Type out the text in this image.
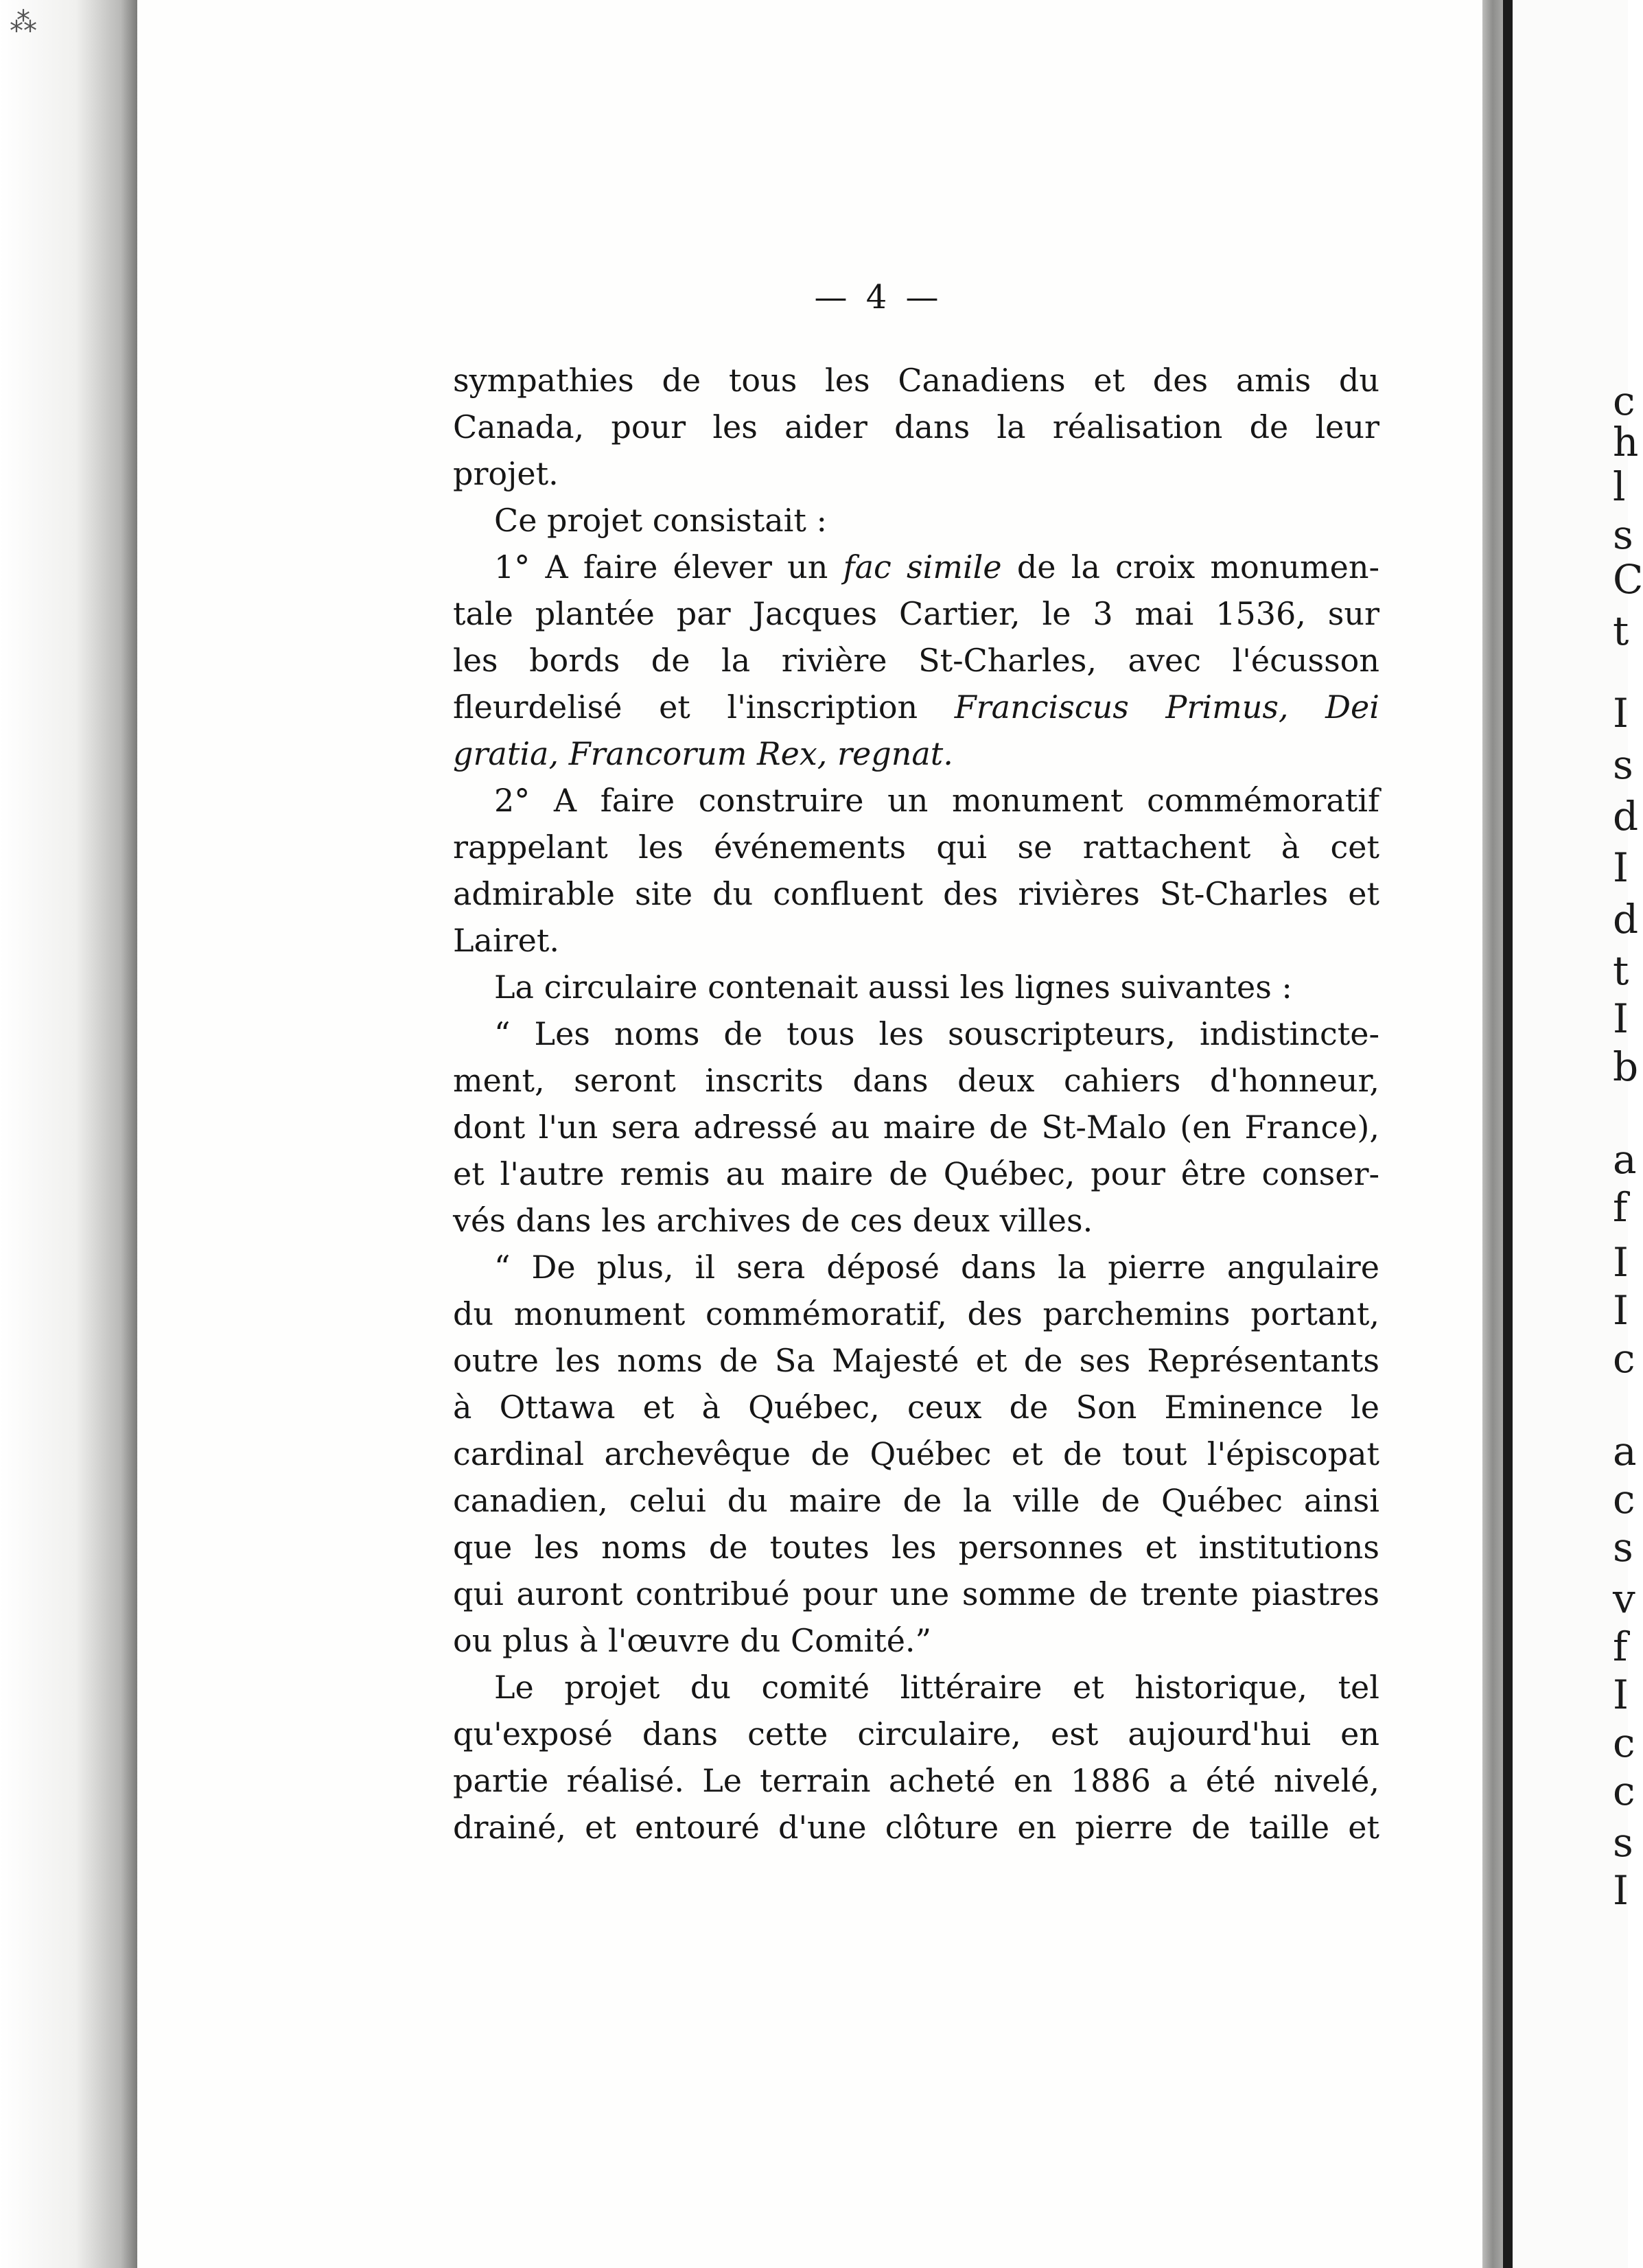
⁂
— 4 —
sympathies de tous les Canadiens et des amis du
Canada, pour les aider dans la réalisation de leur
projet.
Ce projet consistait :
1° A faire élever un fac simile de la croix monumen-
tale plantée par Jacques Cartier, le 3 mai 1536, sur
les bords de la rivière St-Charles, avec l'écusson
fleurdelisé et l'inscription Franciscus Primus, Dei
gratia, Francorum Rex, regnat.
2° A faire construire un monument commémoratif
rappelant les événements qui se rattachent à cet
admirable site du confluent des rivières St-Charles et
Lairet.
La circulaire contenait aussi les lignes suivantes :
“ Les noms de tous les souscripteurs, indistincte-
ment, seront inscrits dans deux cahiers d'honneur,
dont l'un sera adressé au maire de St-Malo (en France),
et l'autre remis au maire de Québec, pour être conser-
vés dans les archives de ces deux villes.
“ De plus, il sera déposé dans la pierre angulaire
du monument commémoratif, des parchemins portant,
outre les noms de Sa Majesté et de ses Représentants
à Ottawa et à Québec, ceux de Son Eminence le
cardinal archevêque de Québec et de tout l'épiscopat
canadien, celui du maire de la ville de Québec ainsi
que les noms de toutes les personnes et institutions
qui auront contribué pour une somme de trente piastres
ou plus à l'œuvre du Comité.”
Le projet du comité littéraire et historique, tel
qu'exposé dans cette circulaire, est aujourd'hui en
partie réalisé. Le terrain acheté en 1886 a été nivelé,
drainé, et entouré d'une clôture en pierre de taille et
c
h
l
s
C
t
I
s
d
I
d
t
I
b
a
f
I
I
c
a
c
s
v
f
I
c
c
s
I
